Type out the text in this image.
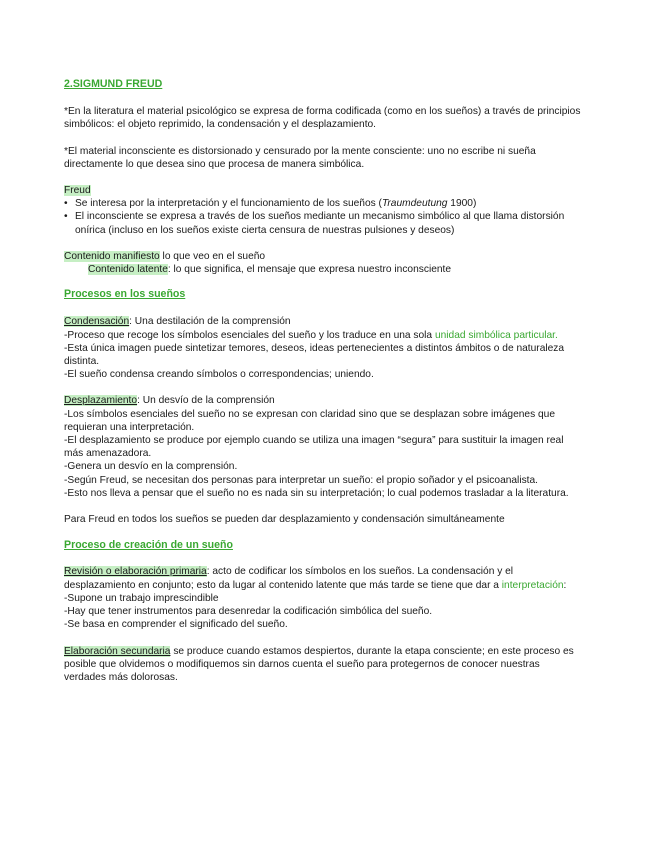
2.SIGMUND FREUD

*En la literatura el material psicológico se expresa de forma codificada (como en los sueños) a través de principios simbólicos: el objeto reprimido, la condensación y el desplazamiento.

*El material inconsciente es distorsionado y censurado por la mente consciente: uno no escribe ni sueña directamente lo que desea sino que procesa de manera simbólica.

Freud

• Se interesa por la interpretación y el funcionamiento de los sueños (Traumdeutung 1900)
• El inconsciente se expresa a través de los sueños mediante un mecanismo simbólico al que llama distorsión onírica (incluso en los sueños existe cierta censura de nuestras pulsiones y deseos)

Contenido manifiesto lo que veo en el sueño

Contenido latente: lo que significa, el mensaje que expresa nuestro inconsciente

Procesos en los sueños

Condensación: Una destilación de la comprensión

-Proceso que recoge los símbolos esenciales del sueño y los traduce en una sola unidad simbólica particular.

-Esta única imagen puede sintetizar temores, deseos, ideas pertenecientes a distintos ámbitos o de naturaleza distinta.

-El sueño condensa creando símbolos o correspondencias; uniendo.

Desplazamiento: Un desvío de la comprensión

-Los símbolos esenciales del sueño no se expresan con claridad sino que se desplazan sobre imágenes que requieran una interpretación.

-El desplazamiento se produce por ejemplo cuando se utiliza una imagen “segura” para sustituir la imagen real más amenazadora.

-Genera un desvío en la comprensión.

-Según Freud, se necesitan dos personas para interpretar un sueño: el propio soñador y el psicoanalista.

-Esto nos lleva a pensar que el sueño no es nada sin su interpretación; lo cual podemos trasladar a la literatura.

Para Freud en todos los sueños se pueden dar desplazamiento y condensación simultáneamente

Proceso de creación de un sueño

Revisión o elaboración primaria: acto de codificar los símbolos en los sueños. La condensación y el desplazamiento en conjunto; esto da lugar al contenido latente que más tarde se tiene que dar a interpretación:

-Supone un trabajo imprescindible

-Hay que tener instrumentos para desenredar la codificación simbólica del sueño.

-Se basa en comprender el significado del sueño.

Elaboración secundaria se produce cuando estamos despiertos, durante la etapa consciente; en este proceso es posible que olvidemos o modifiquemos sin darnos cuenta el sueño para protegernos de conocer nuestras verdades más dolorosas.
